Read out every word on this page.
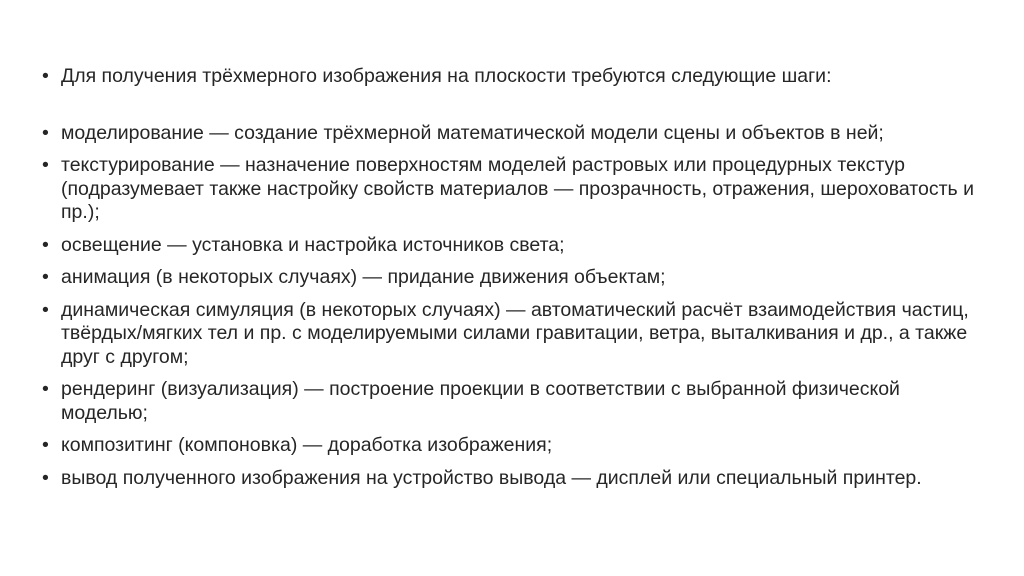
• Для получения трёхмерного изображения на плоскости требуются следующие шаги:
• моделирование — создание трёхмерной математической модели сцены и объектов в ней;
• текстурирование — назначение поверхностям моделей растровых или процедурных текстур (подразумевает также настройку свойств материалов — прозрачность, отражения, шероховатость и пр.);
• освещение — установка и настройка источников света;
• анимация (в некоторых случаях) — придание движения объектам;
• динамическая симуляция (в некоторых случаях) — автоматический расчёт взаимодействия частиц, твёрдых/мягких тел и пр. с моделируемыми силами гравитации, ветра, выталкивания и др., а также друг с другом;
• рендеринг (визуализация) — построение проекции в соответствии с выбранной физической моделью;
• композитинг (компоновка) — доработка изображения;
• вывод полученного изображения на устройство вывода — дисплей или специальный принтер.
